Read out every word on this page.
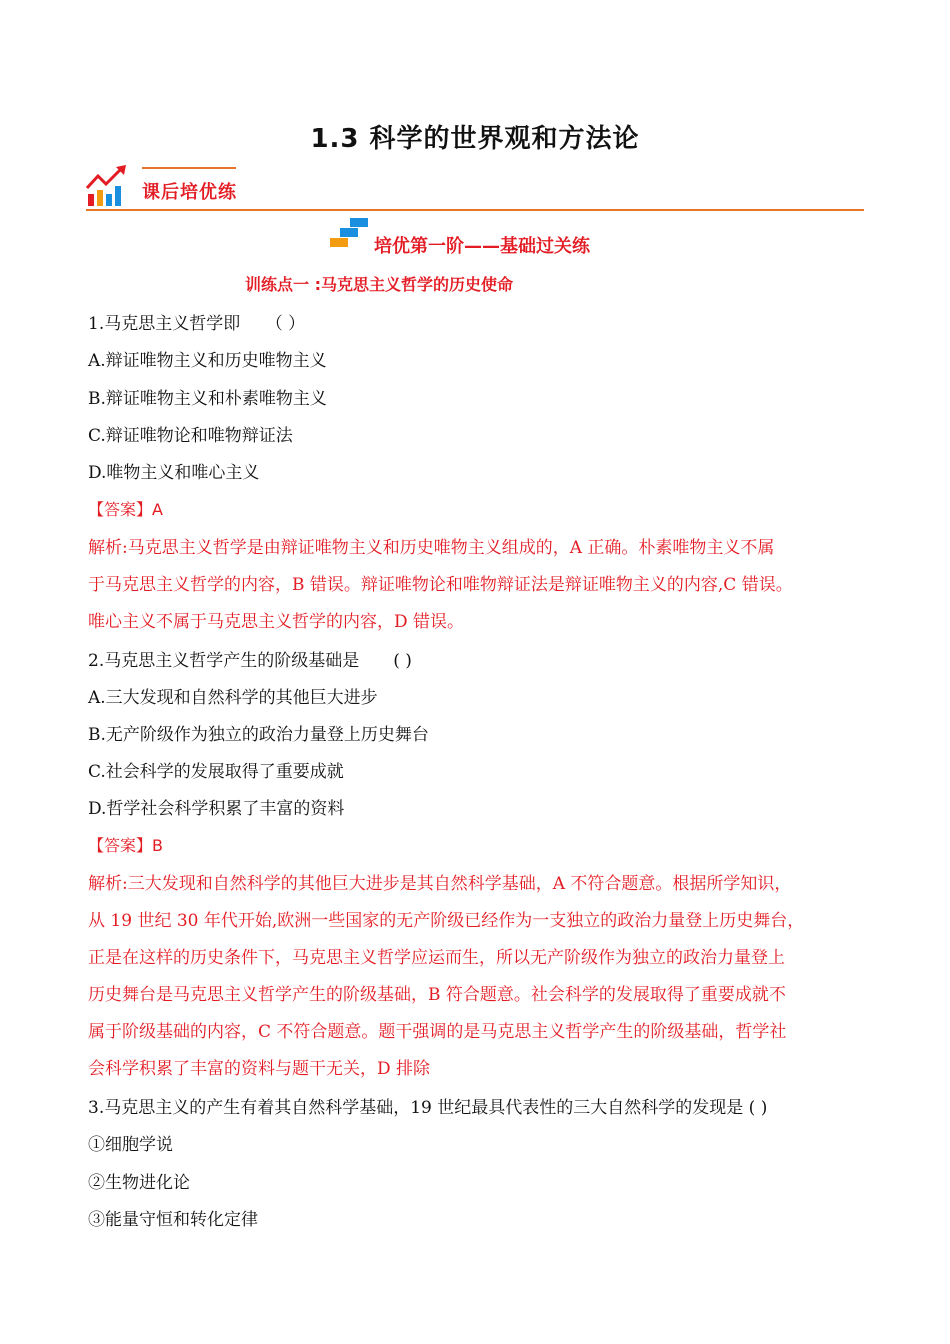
1.3 科学的世界观和方法论
课后培优练
培优第一阶——基础过关练
训练点一 :马克思主义哲学的历史使命
1.马克思主义哲学即　　（ ）
A.辩证唯物主义和历史唯物主义
B.辩证唯物主义和朴素唯物主义
C.辩证唯物论和唯物辩证法
D.唯物主义和唯心主义
【答案】A
解析:马克思主义哲学是由辩证唯物主义和历史唯物主义组成的，A 正确。朴素唯物主义不属
于马克思主义哲学的内容，B 错误。辩证唯物论和唯物辩证法是辩证唯物主义的内容,C 错误。
唯心主义不属于马克思主义哲学的内容，D 错误。
2.马克思主义哲学产生的阶级基础是　　( )
A.三大发现和自然科学的其他巨大进步
B.无产阶级作为独立的政治力量登上历史舞台
C.社会科学的发展取得了重要成就
D.哲学社会科学积累了丰富的资料
【答案】B
解析:三大发现和自然科学的其他巨大进步是其自然科学基础，A 不符合题意。根据所学知识，
从 19 世纪 30 年代开始,欧洲一些国家的无产阶级已经作为一支独立的政治力量登上历史舞台，
正是在这样的历史条件下，马克思主义哲学应运而生，所以无产阶级作为独立的政治力量登上
历史舞台是马克思主义哲学产生的阶级基础，B 符合题意。社会科学的发展取得了重要成就不
属于阶级基础的内容，C 不符合题意。题干强调的是马克思主义哲学产生的阶级基础，哲学社
会科学积累了丰富的资料与题干无关，D 排除
3.马克思主义的产生有着其自然科学基础，19 世纪最具代表性的三大自然科学的发现是 ( )
①细胞学说
②生物进化论
③能量守恒和转化定律
